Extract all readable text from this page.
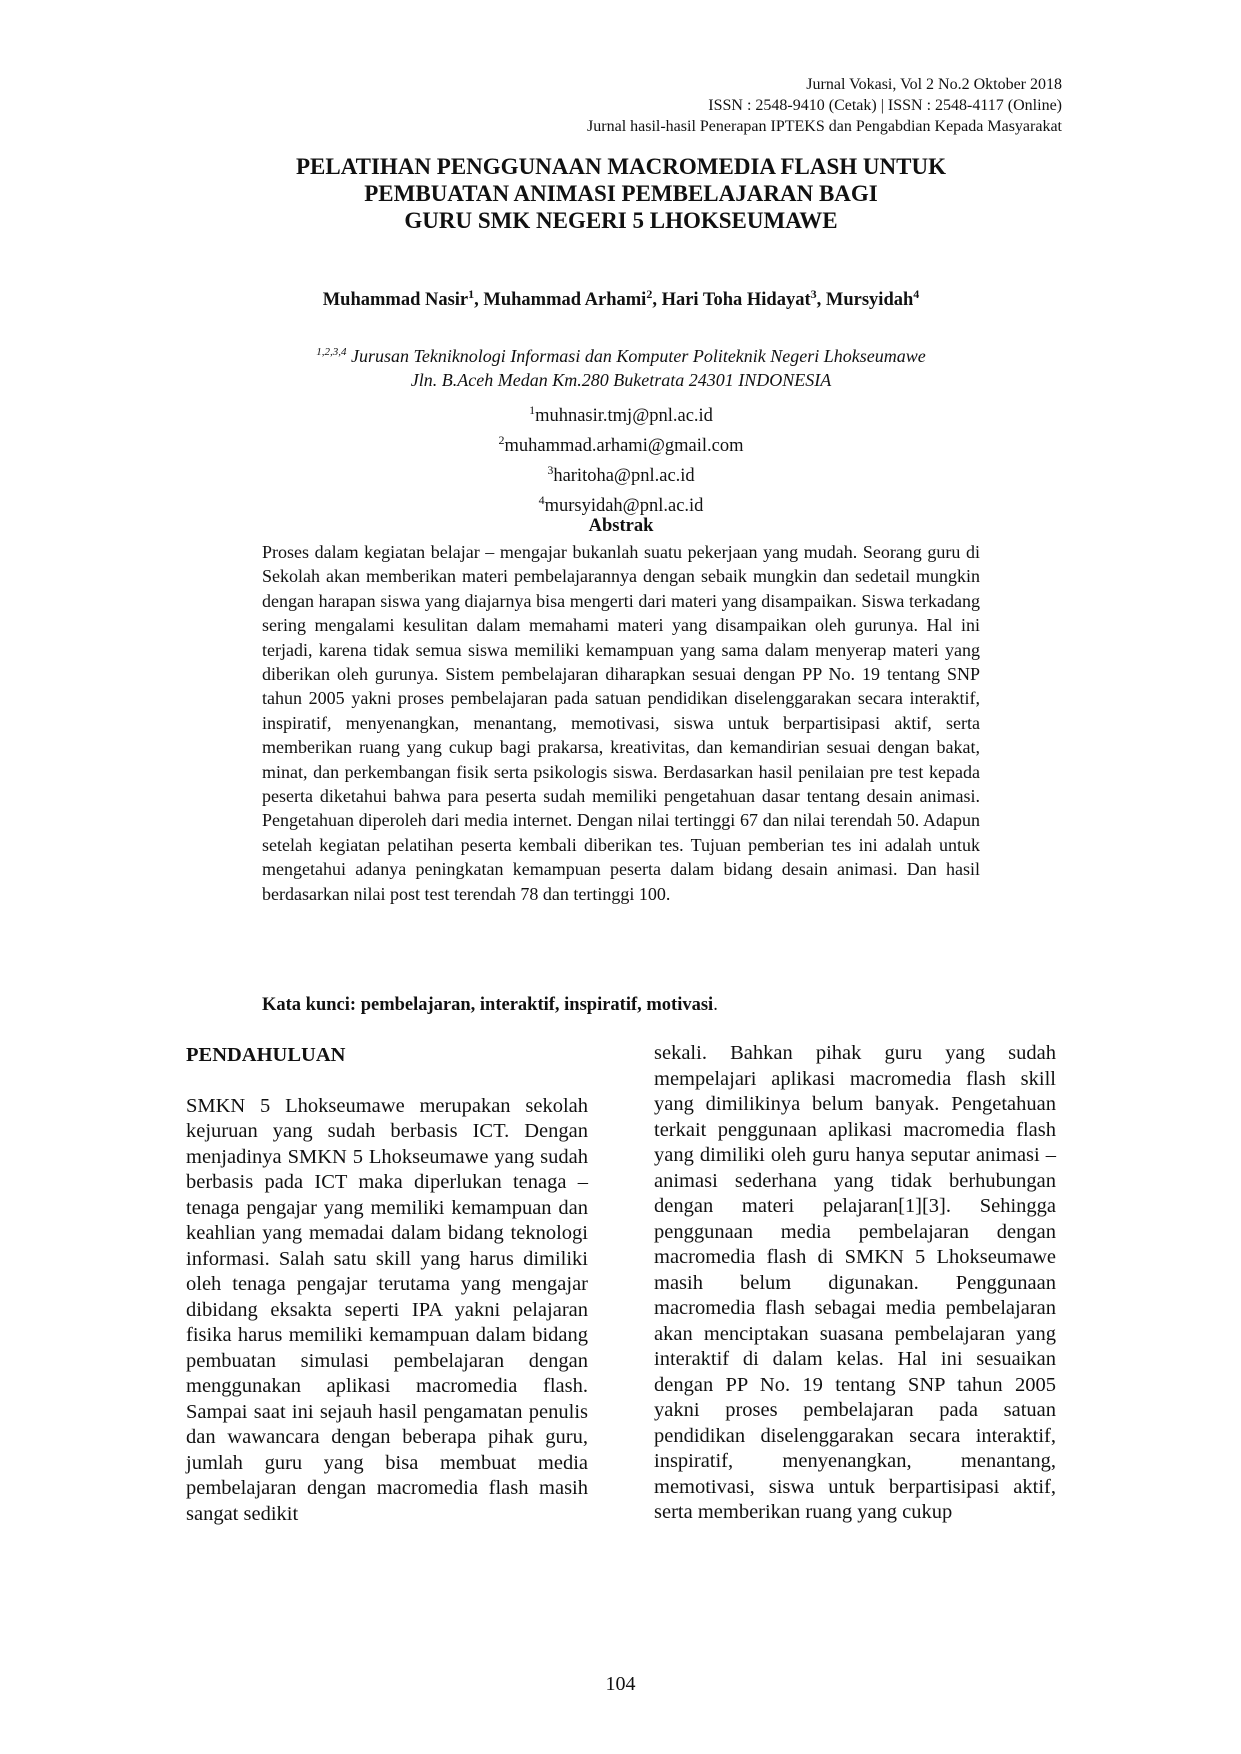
Jurnal Vokasi, Vol 2 No.2 Oktober 2018
ISSN : 2548-9410 (Cetak) | ISSN : 2548-4117 (Online)
Jurnal hasil-hasil Penerapan IPTEKS dan Pengabdian Kepada Masyarakat
PELATIHAN PENGGUNAAN MACROMEDIA FLASH UNTUK
PEMBUATAN ANIMASI PEMBELAJARAN BAGI
GURU SMK NEGERI 5 LHOKSEUMAWE
Muhammad Nasir$^1$, Muhammad Arhami$^2$, Hari Toha Hidayat$^3$, Mursyidah$^4$
$^{1,2,3,4}$ Jurusan Tekniknologi Informasi dan Komputer Politeknik Negeri Lhokseumawe
Jln. B.Aceh Medan Km.280 Buketrata 24301 INDONESIA
$^1$muhnasir.tmj@pnl.ac.id
$^2$muhammad.arhami@gmail.com
$^3$haritoha@pnl.ac.id
$^4$mursyidah@pnl.ac.id
Abstrak
Proses dalam kegiatan belajar – mengajar bukanlah suatu pekerjaan yang mudah. Seorang guru di Sekolah akan memberikan materi pembelajarannya dengan sebaik mungkin dan sedetail mungkin dengan harapan siswa yang diajarnya bisa mengerti dari materi yang disampaikan. Siswa terkadang sering mengalami kesulitan dalam memahami materi yang disampaikan oleh gurunya. Hal ini terjadi, karena tidak semua siswa memiliki kemampuan yang sama dalam menyerap materi yang diberikan oleh gurunya. Sistem pembelajaran diharapkan sesuai dengan PP No. 19 tentang SNP tahun 2005 yakni proses pembelajaran pada satuan pendidikan diselenggarakan secara interaktif, inspiratif, menyenangkan, menantang, memotivasi, siswa untuk berpartisipasi aktif, serta memberikan ruang yang cukup bagi prakarsa, kreativitas, dan kemandirian sesuai dengan bakat, minat, dan perkembangan fisik serta psikologis siswa. Berdasarkan hasil penilaian pre test kepada peserta diketahui bahwa para peserta sudah memiliki pengetahuan dasar tentang desain animasi. Pengetahuan diperoleh dari media internet. Dengan nilai tertinggi 67 dan nilai terendah 50. Adapun setelah kegiatan pelatihan peserta kembali diberikan tes. Tujuan pemberian tes ini adalah untuk mengetahui adanya peningkatan kemampuan peserta dalam bidang desain animasi. Dan hasil berdasarkan nilai post test terendah 78 dan tertinggi 100.
Kata kunci: pembelajaran, interaktif, inspiratif, motivasi.
PENDAHULUAN

SMKN 5 Lhokseumawe merupakan sekolah kejuruan yang sudah berbasis ICT. Dengan menjadinya SMKN 5 Lhokseumawe yang sudah berbasis pada ICT maka diperlukan tenaga – tenaga pengajar yang memiliki kemampuan dan keahlian yang memadai dalam bidang teknologi informasi. Salah satu skill yang harus dimiliki oleh tenaga pengajar terutama yang mengajar dibidang eksakta seperti IPA yakni pelajaran fisika harus memiliki kemampuan dalam bidang pembuatan simulasi pembelajaran dengan menggunakan aplikasi macromedia flash. Sampai saat ini sejauh hasil pengamatan penulis dan wawancara dengan beberapa pihak guru, jumlah guru yang bisa membuat media pembelajaran dengan macromedia flash masih sangat sedikit

sekali. Bahkan pihak guru yang sudah mempelajari aplikasi macromedia flash skill yang dimilikinya belum banyak. Pengetahuan terkait penggunaan aplikasi macromedia flash yang dimiliki oleh guru hanya seputar animasi – animasi sederhana yang tidak berhubungan dengan materi pelajaran[1][3]. Sehingga penggunaan media pembelajaran dengan macromedia flash di SMKN 5 Lhokseumawe masih belum digunakan. Penggunaan macromedia flash sebagai media pembelajaran akan menciptakan suasana pembelajaran yang interaktif di dalam kelas. Hal ini sesuaikan dengan PP No. 19 tentang SNP tahun 2005 yakni proses pembelajaran pada satuan pendidikan diselenggarakan secara interaktif, inspiratif, menyenangkan, menantang, memotivasi, siswa untuk berpartisipasi aktif, serta memberikan ruang yang cukup

104
